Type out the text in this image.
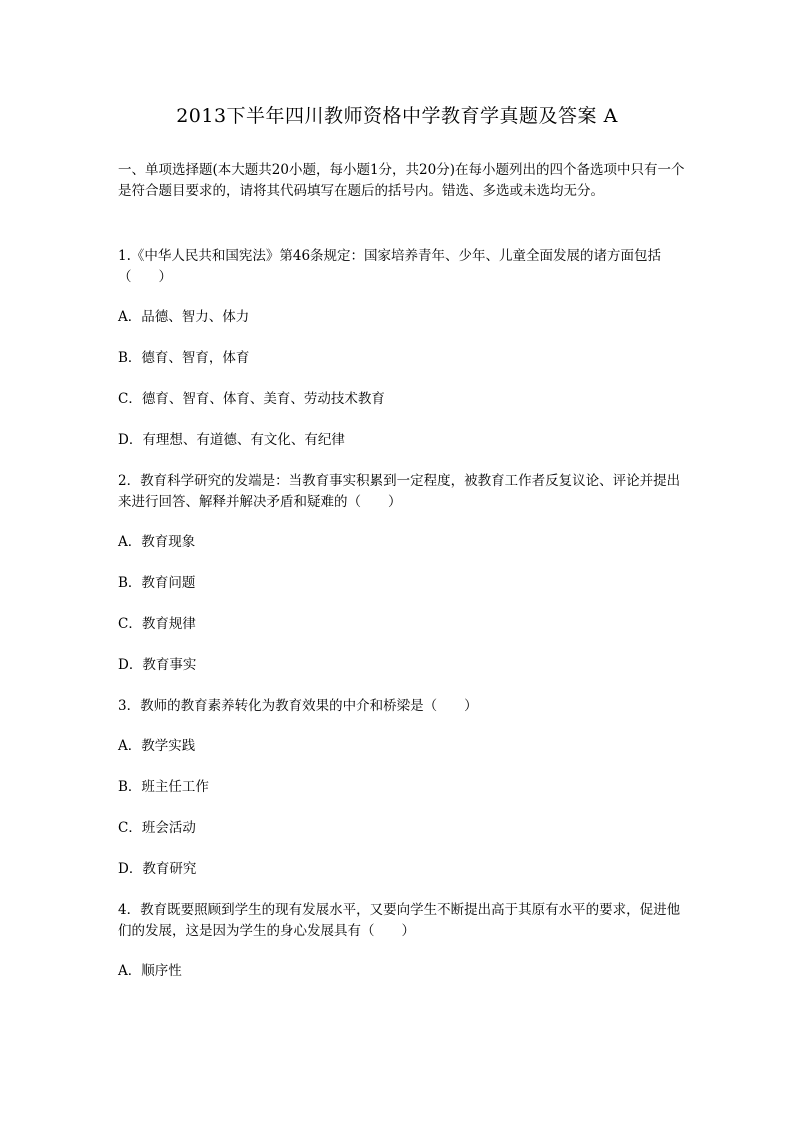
2013下半年四川教师资格中学教育学真题及答案 A
一、单项选择题(本大题共20小题，每小题1分，共20分)在每小题列出的四个备选项中只有一个是符合题目要求的，请将其代码填写在题后的括号内。错选、多选或未选均无分。
1.《中华人民共和国宪法》第46条规定：国家培养青年、少年、儿童全面发展的诸方面包括（　　）
A．品德、智力、体力
B．德育、智育，体育
C．德育、智育、体育、美育、劳动技术教育
D．有理想、有道德、有文化、有纪律
2．教育科学研究的发端是：当教育事实积累到一定程度，被教育工作者反复议论、评论并提出来进行回答、解释并解决矛盾和疑难的（　　）
A．教育现象
B．教育问题
C．教育规律
D．教育事实
3．教师的教育素养转化为教育效果的中介和桥梁是（　　）
A．教学实践
B．班主任工作
C．班会活动
D．教育研究
4．教育既要照顾到学生的现有发展水平，又要向学生不断提出高于其原有水平的要求，促进他们的发展，这是因为学生的身心发展具有（　　）
A．顺序性
